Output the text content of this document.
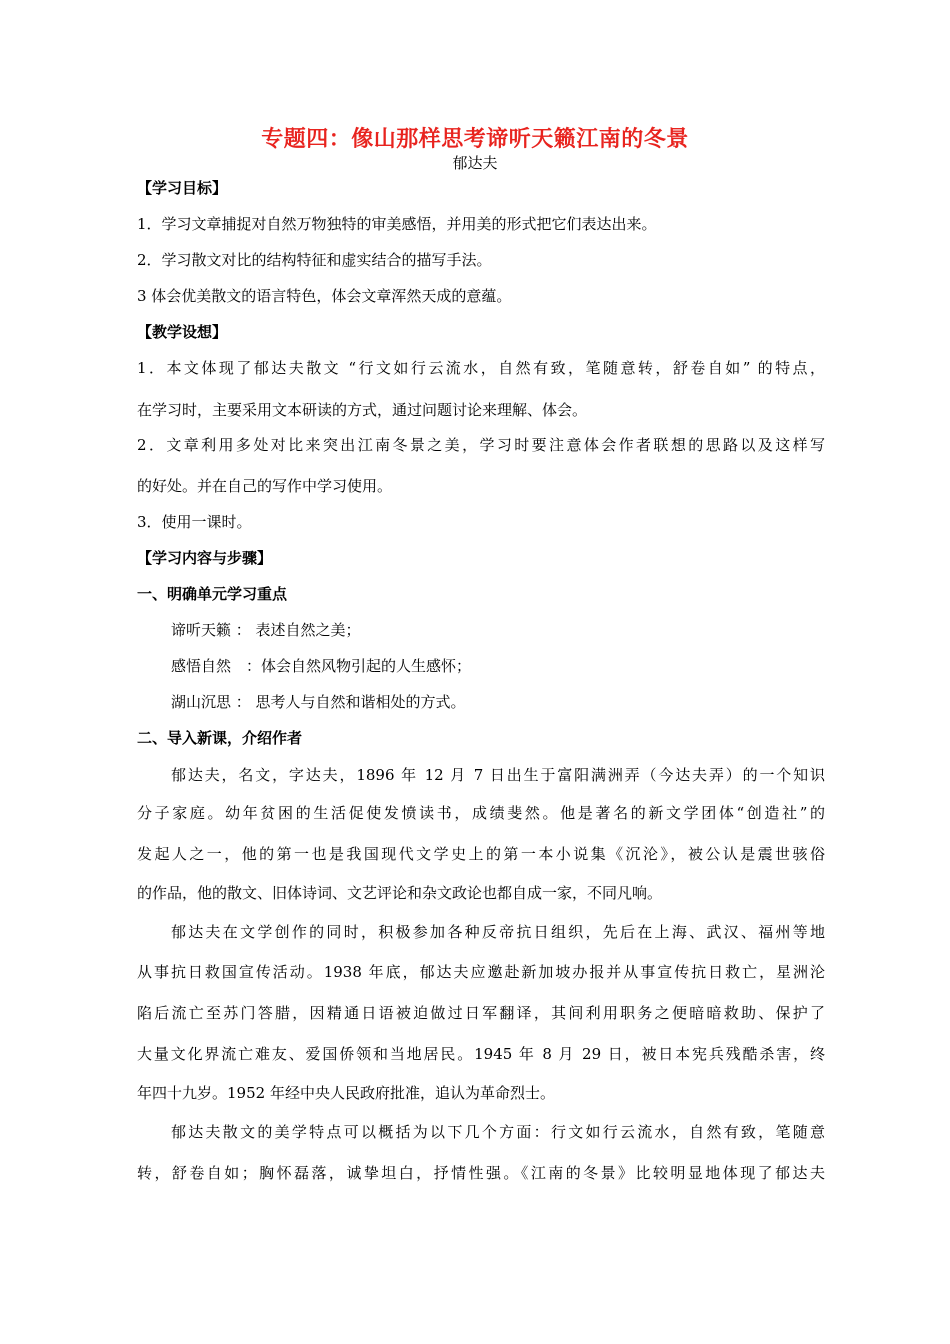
专题四：像山那样思考谛听天籁江南的冬景
郁达夫
【学习目标】
1．学习文章捕捉对自然万物独特的审美感悟，并用美的形式把它们表达出来。
2．学习散文对比的结构特征和虚实结合的描写手法。
3 体会优美散文的语言特色，体会文章浑然天成的意蕴。
【教学设想】
1．本文体现了郁达夫散文 “行文如行云流水，自然有致，笔随意转，舒卷自如” 的特点，
在学习时，主要采用文本研读的方式，通过问题讨论来理解、体会。
2．文章利用多处对比来突出江南冬景之美，学习时要注意体会作者联想的思路以及这样写
的好处。并在自己的写作中学习使用。
3．使用一课时。
【学习内容与步骤】
一、明确单元学习重点
谛听天籁 ： 表述自然之美；
感悟自然　：体会自然风物引起的人生感怀；
湖山沉思 ： 思考人与自然和谐相处的方式。
二、导入新课，介绍作者
郁达夫，名文，字达夫，1896 年 12 月 7 日出生于富阳满洲弄（今达夫弄）的一个知识
分子家庭。幼年贫困的生活促使发愤读书，成绩斐然。他是著名的新文学团体“创造社”的
发起人之一，他的第一也是我国现代文学史上的第一本小说集《沉沦》，被公认是震世骇俗
的作品，他的散文、旧体诗词、文艺评论和杂文政论也都自成一家，不同凡响。
郁达夫在文学创作的同时，积极参加各种反帝抗日组织，先后在上海、武汉、福州等地
从事抗日救国宣传活动。1938 年底，郁达夫应邀赴新加坡办报并从事宣传抗日救亡，星洲沦
陷后流亡至苏门答腊，因精通日语被迫做过日军翻译，其间利用职务之便暗暗救助、保护了
大量文化界流亡难友、爱国侨领和当地居民。1945 年 8 月 29 日，被日本宪兵残酷杀害，终
年四十九岁。1952 年经中央人民政府批准，追认为革命烈士。
郁达夫散文的美学特点可以概括为以下几个方面：行文如行云流水，自然有致，笔随意
转，舒卷自如；胸怀磊落，诚挚坦白，抒情性强。《江南的冬景》比较明显地体现了郁达夫
